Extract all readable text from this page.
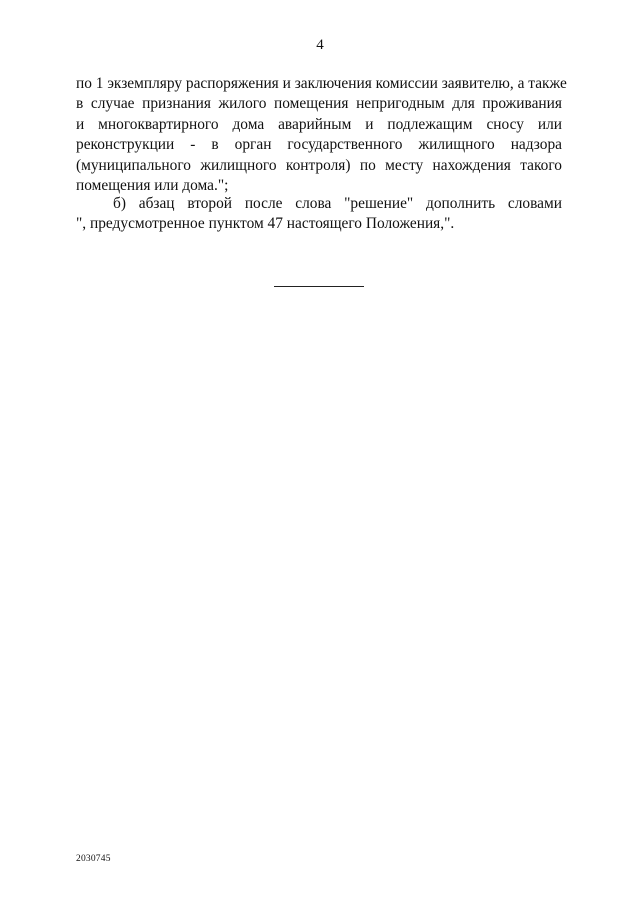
4
по 1 экземпляру распоряжения и заключения комиссии заявителю, а также
в случае признания жилого помещения непригодным для проживания
и многоквартирного дома аварийным и подлежащим сносу или
реконструкции - в орган государственного жилищного надзора
(муниципального жилищного контроля) по месту нахождения такого
помещения или дома.";
б) абзац второй после слова "решение" дополнить словами
", предусмотренное пунктом 47 настоящего Положения,".
2030745
